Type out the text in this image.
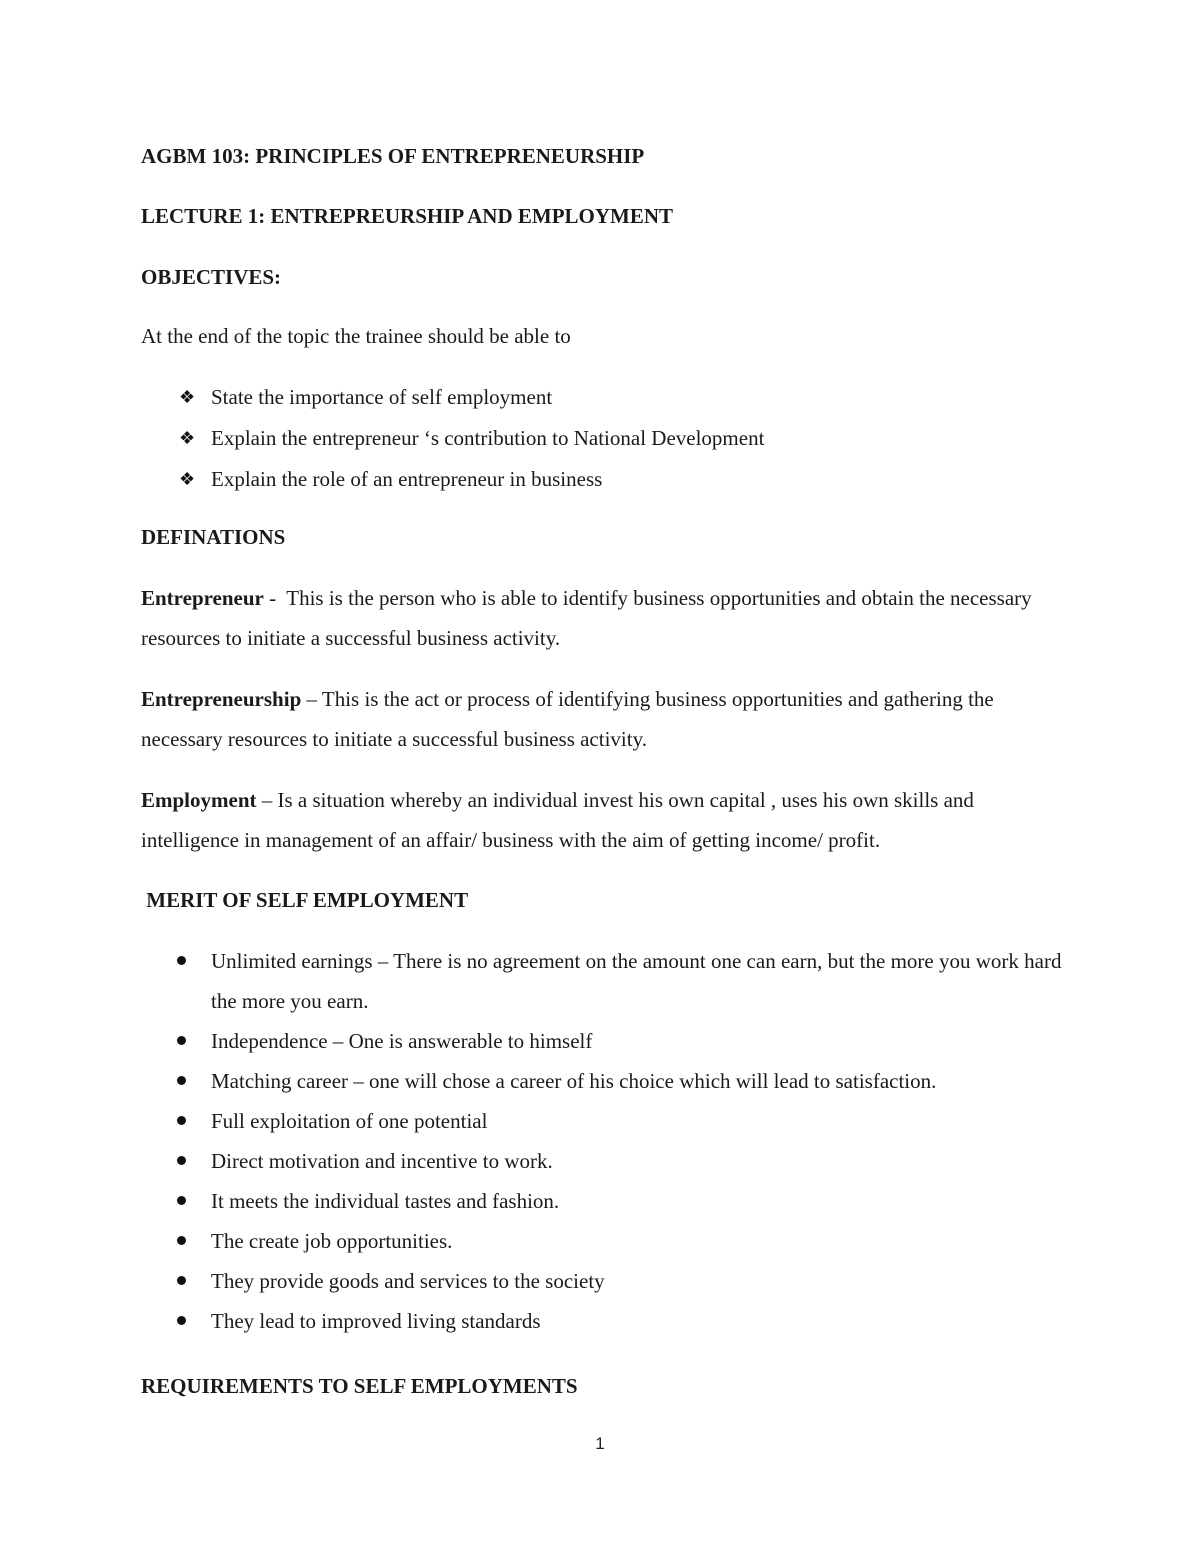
AGBM 103: PRINCIPLES OF ENTREPRENEURSHIP

LECTURE 1: ENTREPREURSHIP AND EMPLOYMENT

OBJECTIVES:

At the end of the topic the trainee should be able to

❖ State the importance of self employment
❖ Explain the entrepreneur ‘s contribution to National Development
❖ Explain the role of an entrepreneur in business

DEFINATIONS

Entrepreneur -  This is the person who is able to identify business opportunities and obtain the necessary resources to initiate a successful business activity.

Entrepreneurship – This is the act or process of identifying business opportunities and gathering the necessary resources to initiate a successful business activity.

Employment – Is a situation whereby an individual invest his own capital , uses his own skills and intelligence in management of an affair/ business with the aim of getting income/ profit.

MERIT OF SELF EMPLOYMENT

Unlimited earnings – There is no agreement on the amount one can earn, but the more you work hard the more you earn.
Independence – One is answerable to himself
Matching career – one will chose a career of his choice which will lead to satisfaction.
Full exploitation of one potential
Direct motivation and incentive to work.
It meets the individual tastes and fashion.
The create job opportunities.
They provide goods and services to the society
They lead to improved living standards

REQUIREMENTS TO SELF EMPLOYMENTS

1
